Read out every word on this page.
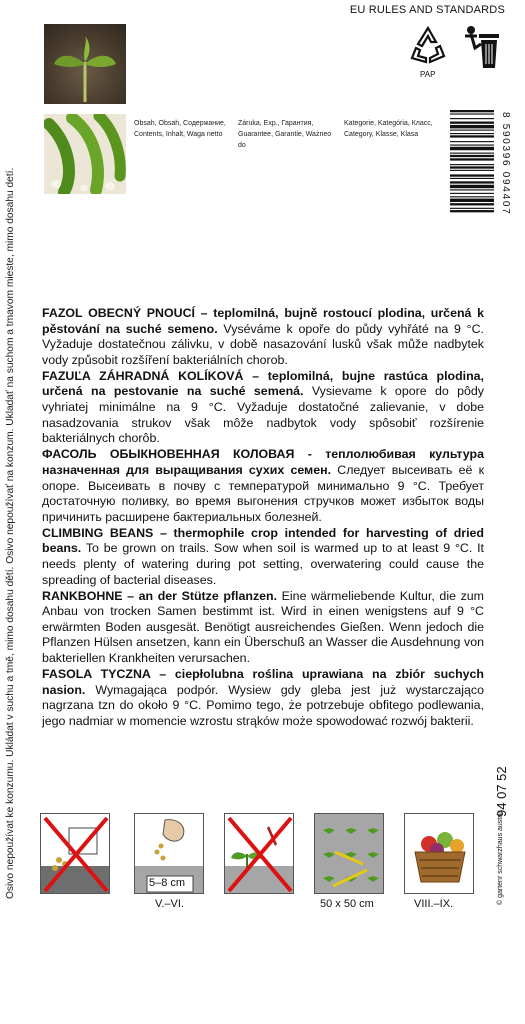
EU RULES AND STANDARDS
Osivo nepoužívat ke konzumu. Ukládat v suchu a tmě, mimo dosahu dětí. Osivo nepoužívať na konzum. Ukladať na suchom a tmavom mieste, mimo dosahu detí.
PAP
Obsah, Obsah, Содержание,
Contents, Inhalt, Waga netto
Záruka, Exp., Гарантия,
Guarantee, Garantie, Ważneo do
Kategorie, Kategória, Класс,
Category, Klasse, Klasa	8 590396 094407

FAZOL OBECNÝ PNOUCÍ – teplomilná, bujně rostoucí plodina, určená k pěstování na suché semeno. Vyséváme k opoře do půdy vyhřáté na 9 °C. Vyžaduje dostatečnou zálivku, v době nasazování lusků však může nadbytek vody způsobit rozšíření bakteriálních chorob.

FAZUĽA ZÁHRADNÁ KOLÍKOVÁ – teplomilná, bujne rastúca plodina, určená na pestovanie na suché semená. Vysievame k opore do pôdy vyhriatej minimálne na 9 °C. Vyžaduje dostatočné zalievanie, v dobe nasadzovania strukov však môže nadbytok vody spôsobiť rozšírenie bakteriálnych chorôb.

ФАСОЛЬ ОБЫКНОВЕННАЯ КОЛОВАЯ - теплолюбивая культура назначенная для выращивания сухих семен. Следует высеивать её к опоре. Высеивать в почву с температурой минимально 9 °C. Требует достаточную поливку, во время выгонения стручков может избыток воды причинить расширене бактериальных болезней.

CLIMBING BEANS – thermophile crop intended for harvesting of dried beans. To be grown on trails. Sow when soil is warmed up to at least 9 °C. It needs plenty of watering during pot setting, overwatering could cause the spreading of bacterial diseases.

RANKBOHNE – an der Stütze pflanzen. Eine wärmeliebende Kultur, die zum Anbau von trocken Samen bestimmt ist. Wird in einen wenigstens auf 9 °C erwärmten Boden ausgesät. Benötigt ausreichendes Gießen. Wenn jedoch die Pflanzen Hülsen ansetzen, kann ein Überschuß an Wasser die Ausdehnung von bakteriellen Krankheiten verursachen.

FASOLA TYCZNA – ciepłolubna roślina uprawiana na zbiór suchych nasion. Wymagająca podpór. Wysiew gdy gleba jest już wystarczająco nagrzana tzn do około 9 °C. Pomimo tego, że potrzebuje obfitego podlewania, jego nadmiar w momencie wzrostu strąków może spowodować rozwój bakterii.

5–8 cm
V.–VI.	50 x 50 cm	VIII.–IX.
94 07 52
© gartenr schwarzhaus austria
